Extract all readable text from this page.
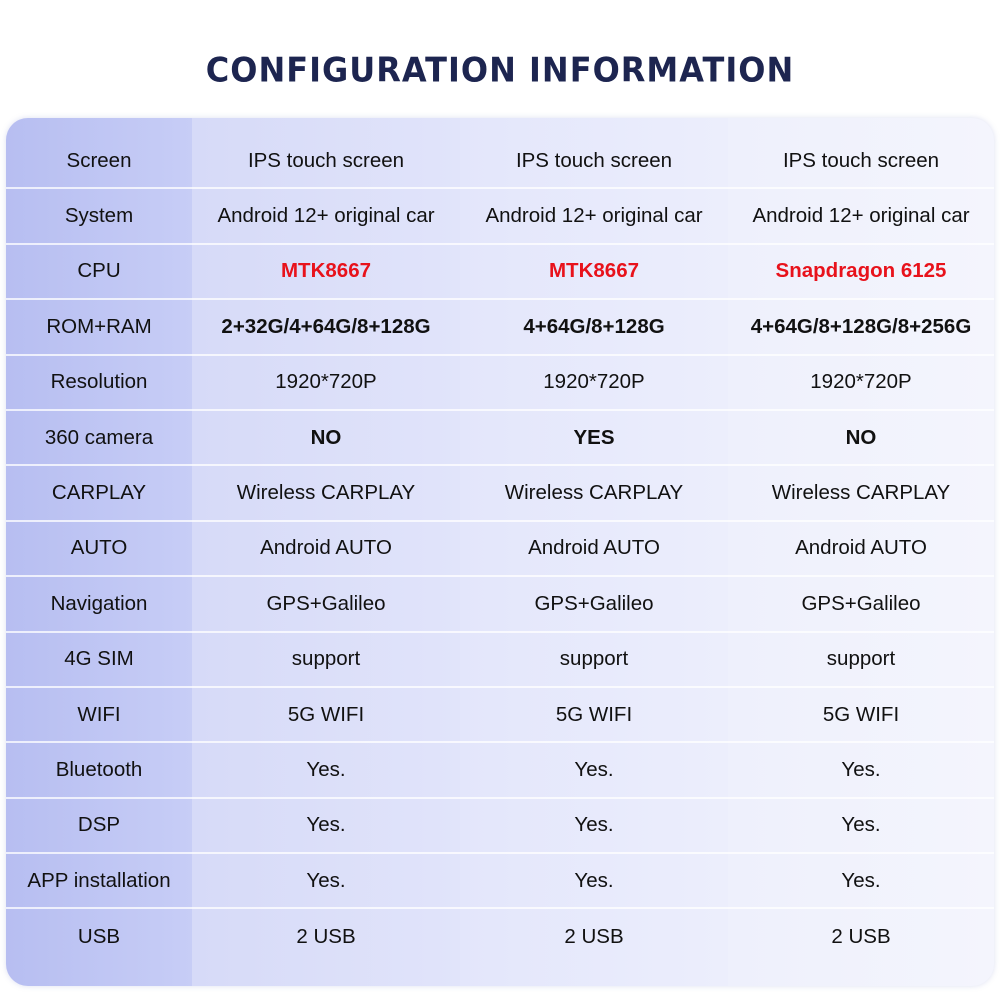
CONFIGURATION INFORMATION
Screen	IPS touch screen	IPS touch screen	IPS touch screen
System	Android 12+ original car	Android 12+ original car	Android 12+ original car
CPU	MTK8667	MTK8667	Snapdragon 6125
ROM+RAM	2+32G/4+64G/8+128G	4+64G/8+128G	4+64G/8+128G/8+256G
Resolution	1920*720P	1920*720P	1920*720P
360 camera	NO	YES	NO
CARPLAY	Wireless CARPLAY	Wireless CARPLAY	Wireless CARPLAY
AUTO	Android AUTO	Android AUTO	Android AUTO
Navigation	GPS+Galileo	GPS+Galileo	GPS+Galileo
4G SIM	support	support	support
WIFI	5G WIFI	5G WIFI	5G WIFI
Bluetooth	Yes.	Yes.	Yes.
DSP	Yes.	Yes.	Yes.
APP installation	Yes.	Yes.	Yes.
USB	2 USB	2 USB	2 USB
